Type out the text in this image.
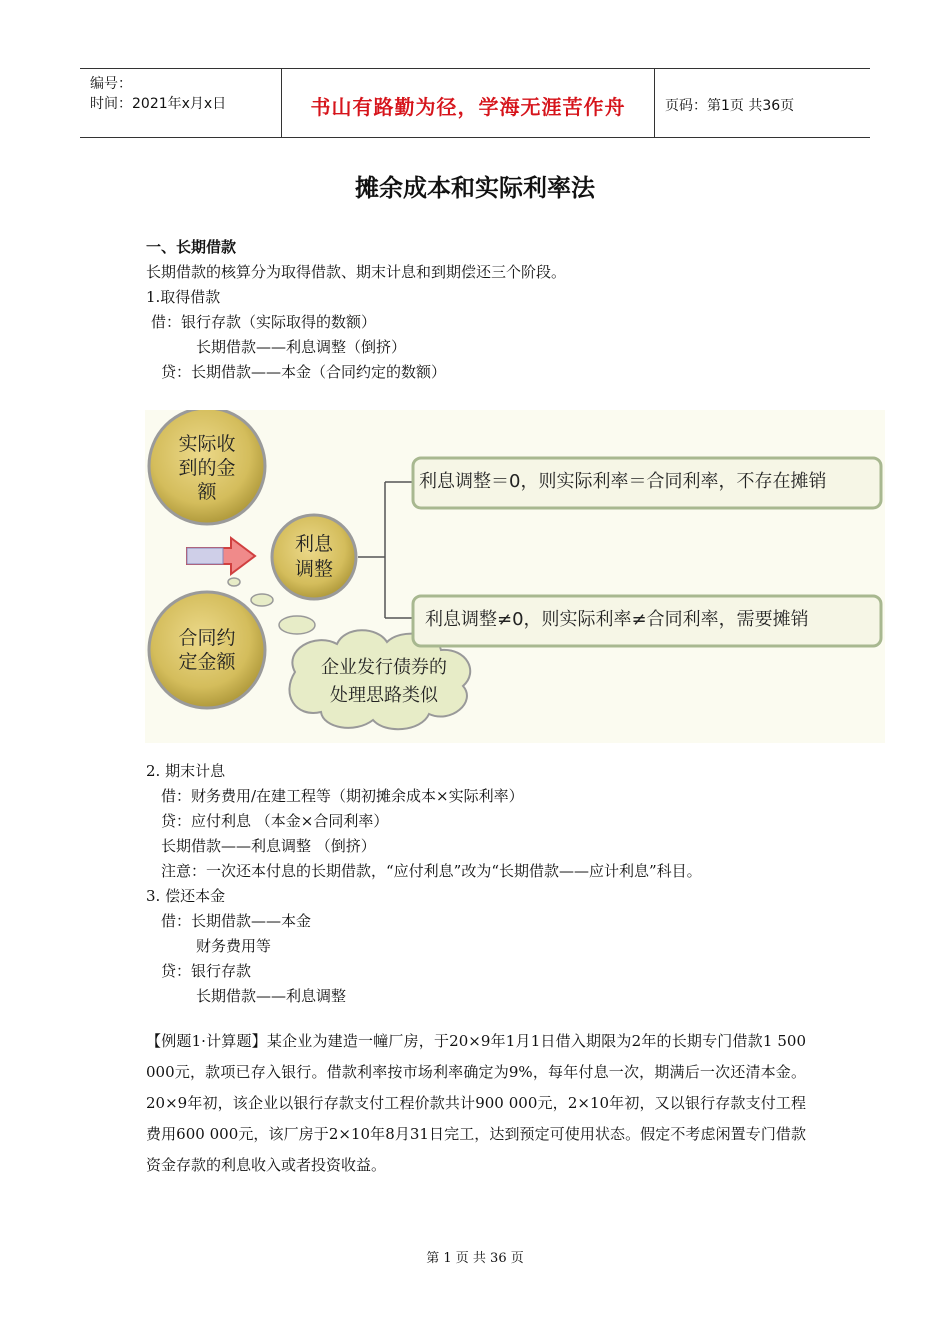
编号：
时间：2021年x月x日	书山有路勤为径，学海无涯苦作舟	页码：第1页 共36页
摊余成本和实际利率法
一、长期借款
长期借款的核算分为取得借款、期末计息和到期偿还三个阶段。
1.取得借款
借：银行存款（实际取得的数额）
长期借款——利息调整（倒挤）
贷：长期借款——本金（合同约定的数额）
实际收
到的金
额
合同约
定金额
利息
调整
利息调整＝0，则实际利率＝合同利率，不存在摊销
利息调整≠0，则实际利率≠合同利率，需要摊销
企业发行债券的
处理思路类似
2. 期末计息
借：财务费用/在建工程等（期初摊余成本×实际利率）
贷：应付利息 （本金×合同利率）
长期借款——利息调整 （倒挤）
注意：一次还本付息的长期借款，“应付利息”改为“长期借款——应计利息”科目。
3. 偿还本金
借：长期借款——本金
财务费用等
贷：银行存款
长期借款——利息调整
【例题1·计算题】某企业为建造一幢厂房，于20×9年1月1日借入期限为2年的长期专门借款1 500 000元，款项已存入银行。借款利率按市场利率确定为9%，每年付息一次，期满后一次还清本金。20×9年初，该企业以银行存款支付工程价款共计900 000元，2×10年初，又以银行存款支付工程费用600 000元，该厂房于2×10年8月31日完工，达到预定可使用状态。假定不考虑闲置专门借款资金存款的利息收入或者投资收益。
第 1 页 共 36 页
